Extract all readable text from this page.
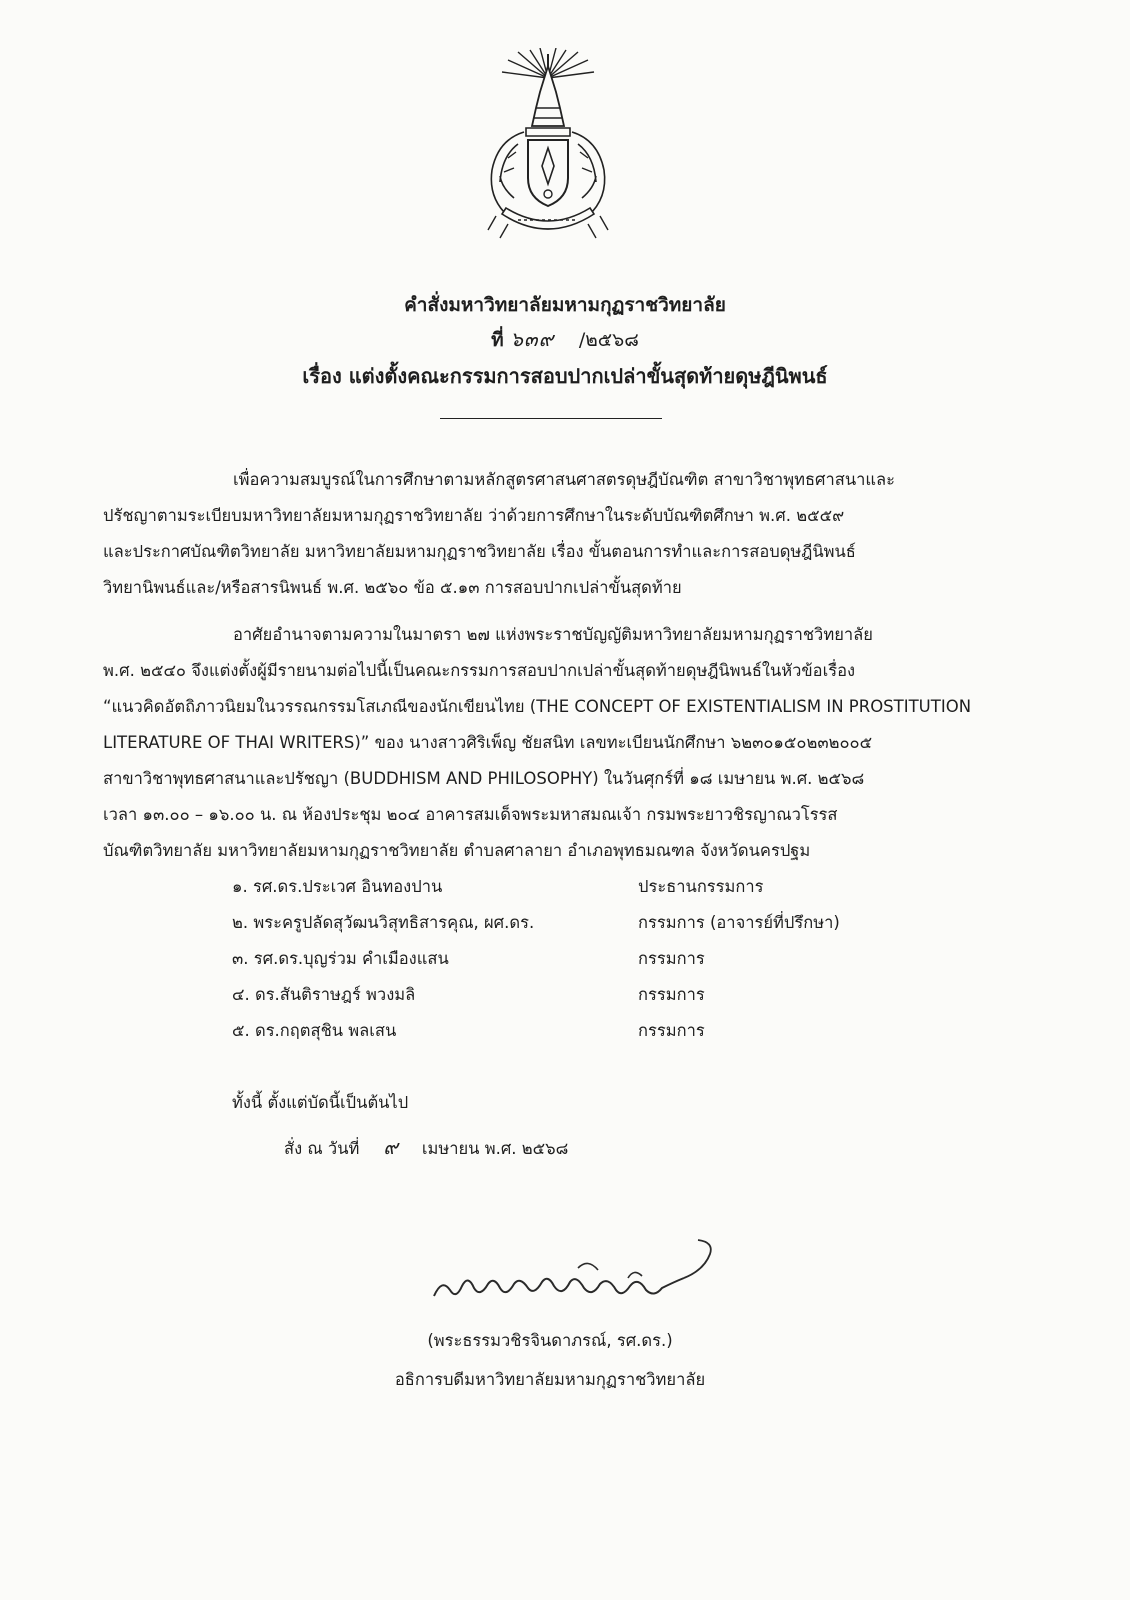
คำสั่งมหาวิทยาลัยมหามกุฏราชวิทยาลัย
ที่ ๖๓๙ /๒๕๖๘
เรื่อง แต่งตั้งคณะกรรมการสอบปากเปล่าขั้นสุดท้ายดุษฎีนิพนธ์
เพื่อความสมบูรณ์ในการศึกษาตามหลักสูตรศาสนศาสตรดุษฎีบัณฑิต สาขาวิชาพุทธศาสนาและ
ปรัชญาตามระเบียบมหาวิทยาลัยมหามกุฏราชวิทยาลัย ว่าด้วยการศึกษาในระดับบัณฑิตศึกษา พ.ศ. ๒๕๕๙
และประกาศบัณฑิตวิทยาลัย มหาวิทยาลัยมหามกุฏราชวิทยาลัย เรื่อง ขั้นตอนการทำและการสอบดุษฎีนิพนธ์
วิทยานิพนธ์และ/หรือสารนิพนธ์ พ.ศ. ๒๕๖๐ ข้อ ๕.๑๓ การสอบปากเปล่าขั้นสุดท้าย
อาศัยอำนาจตามความในมาตรา ๒๗ แห่งพระราชบัญญัติมหาวิทยาลัยมหามกุฏราชวิทยาลัย
พ.ศ. ๒๕๔๐ จึงแต่งตั้งผู้มีรายนามต่อไปนี้เป็นคณะกรรมการสอบปากเปล่าขั้นสุดท้ายดุษฎีนิพนธ์ในหัวข้อเรื่อง
“แนวคิดอัตถิภาวนิยมในวรรณกรรมโสเภณีของนักเขียนไทย (THE CONCEPT OF EXISTENTIALISM IN PROSTITUTION
LITERATURE OF THAI WRITERS)” ของ นางสาวศิริเพ็ญ ชัยสนิท เลขทะเบียนนักศึกษา ๖๒๓๐๑๕๐๒๓๒๐๐๕
สาขาวิชาพุทธศาสนาและปรัชญา (BUDDHISM AND PHILOSOPHY) ในวันศุกร์ที่ ๑๘ เมษายน พ.ศ. ๒๕๖๘
เวลา ๑๓.๐๐ – ๑๖.๐๐ น. ณ ห้องประชุม ๒๐๔ อาคารสมเด็จพระมหาสมณเจ้า กรมพระยาวชิรญาณวโรรส
บัณฑิตวิทยาลัย มหาวิทยาลัยมหามกุฏราชวิทยาลัย ตำบลศาลายา อำเภอพุทธมณฑล จังหวัดนครปฐม
๑. รศ.ดร.ประเวศ อินทองปาน	ประธานกรรมการ
๒. พระครูปลัดสุวัฒนวิสุทธิสารคุณ, ผศ.ดร.	กรรมการ (อาจารย์ที่ปรึกษา)
๓. รศ.ดร.บุญร่วม คำเมืองแสน	กรรมการ
๔. ดร.สันติราษฎร์ พวงมลิ	กรรมการ
๕. ดร.กฤตสุชิน พลเสน	กรรมการ
ทั้งนี้ ตั้งแต่บัดนี้เป็นต้นไป
สั่ง ณ วันที่ ๙ เมษายน พ.ศ. ๒๕๖๘
(พระธรรมวชิรจินดาภรณ์, รศ.ดร.)
อธิการบดีมหาวิทยาลัยมหามกุฏราชวิทยาลัย
